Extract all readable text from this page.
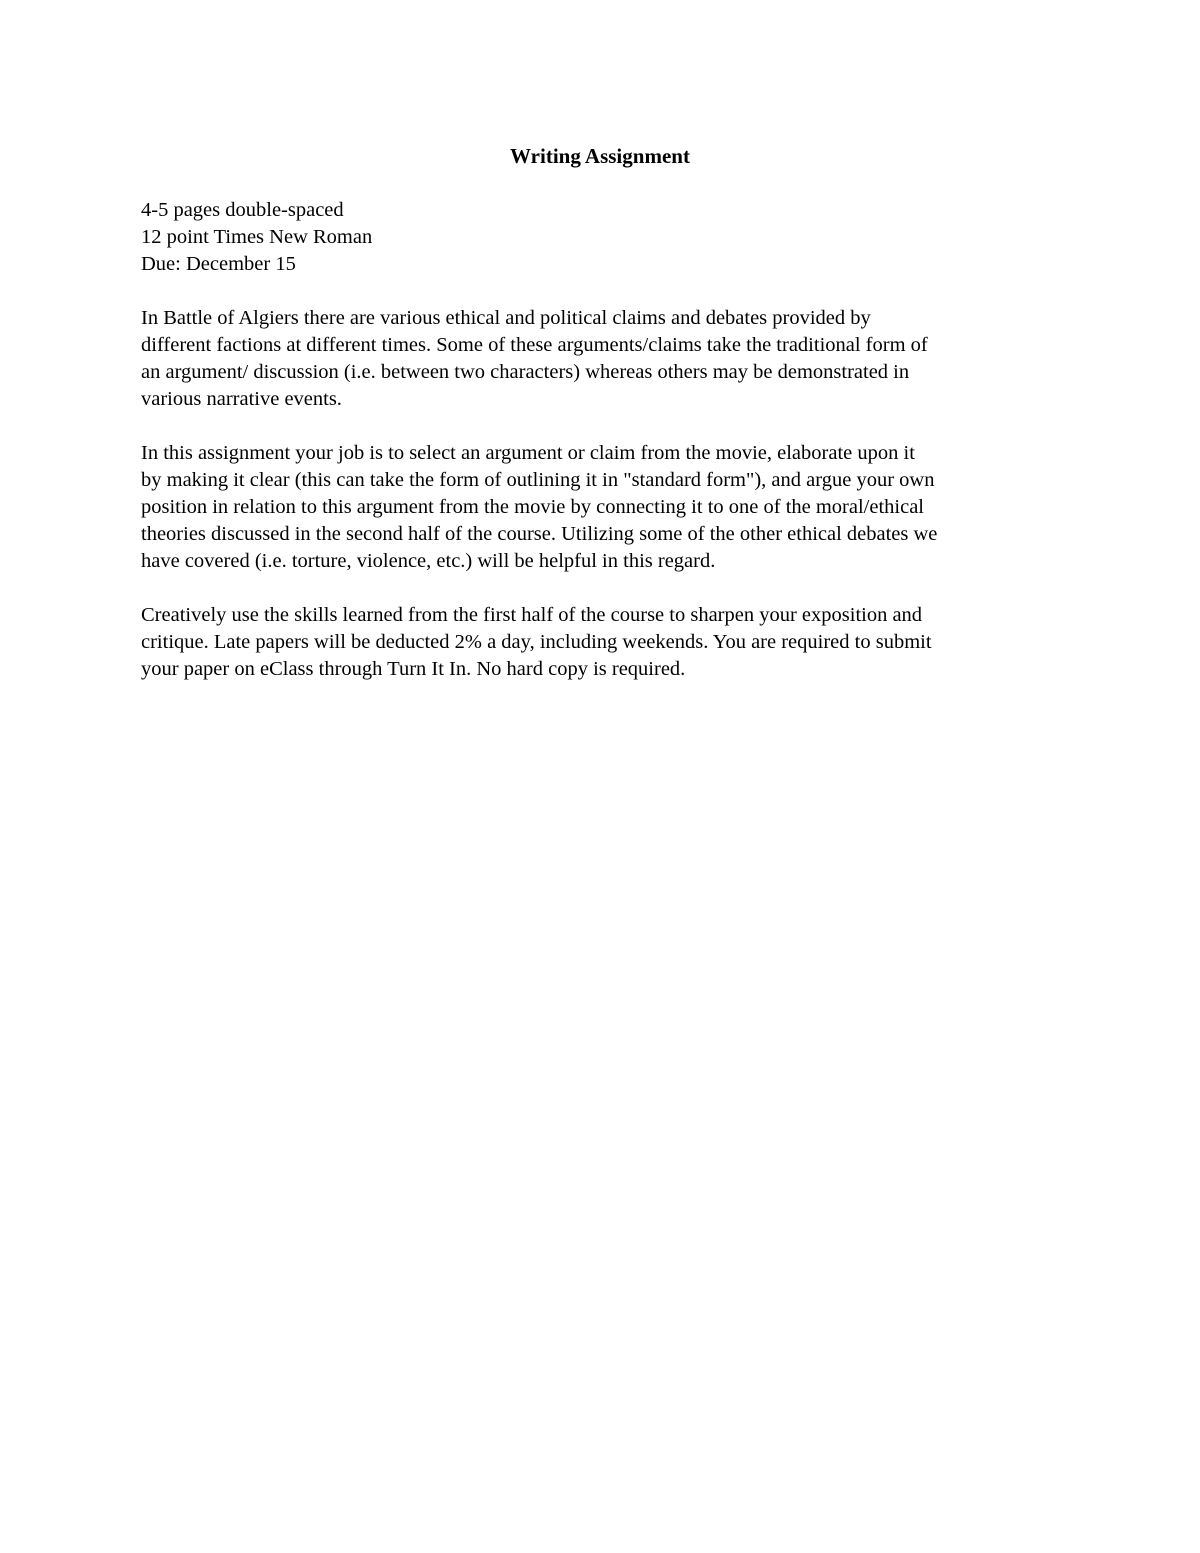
Writing Assignment
4-5 pages double-spaced
12 point Times New Roman
Due: December 15
In Battle of Algiers there are various ethical and political claims and debates provided by
different factions at different times. Some of these arguments/claims take the traditional form of
an argument/ discussion (i.e. between two characters) whereas others may be demonstrated in
various narrative events.
In this assignment your job is to select an argument or claim from the movie, elaborate upon it
by making it clear (this can take the form of outlining it in "standard form"), and argue your own
position in relation to this argument from the movie by connecting it to one of the moral/ethical
theories discussed in the second half of the course. Utilizing some of the other ethical debates we
have covered (i.e. torture, violence, etc.) will be helpful in this regard.
Creatively use the skills learned from the first half of the course to sharpen your exposition and
critique. Late papers will be deducted 2% a day, including weekends. You are required to submit
your paper on eClass through Turn It In. No hard copy is required.
